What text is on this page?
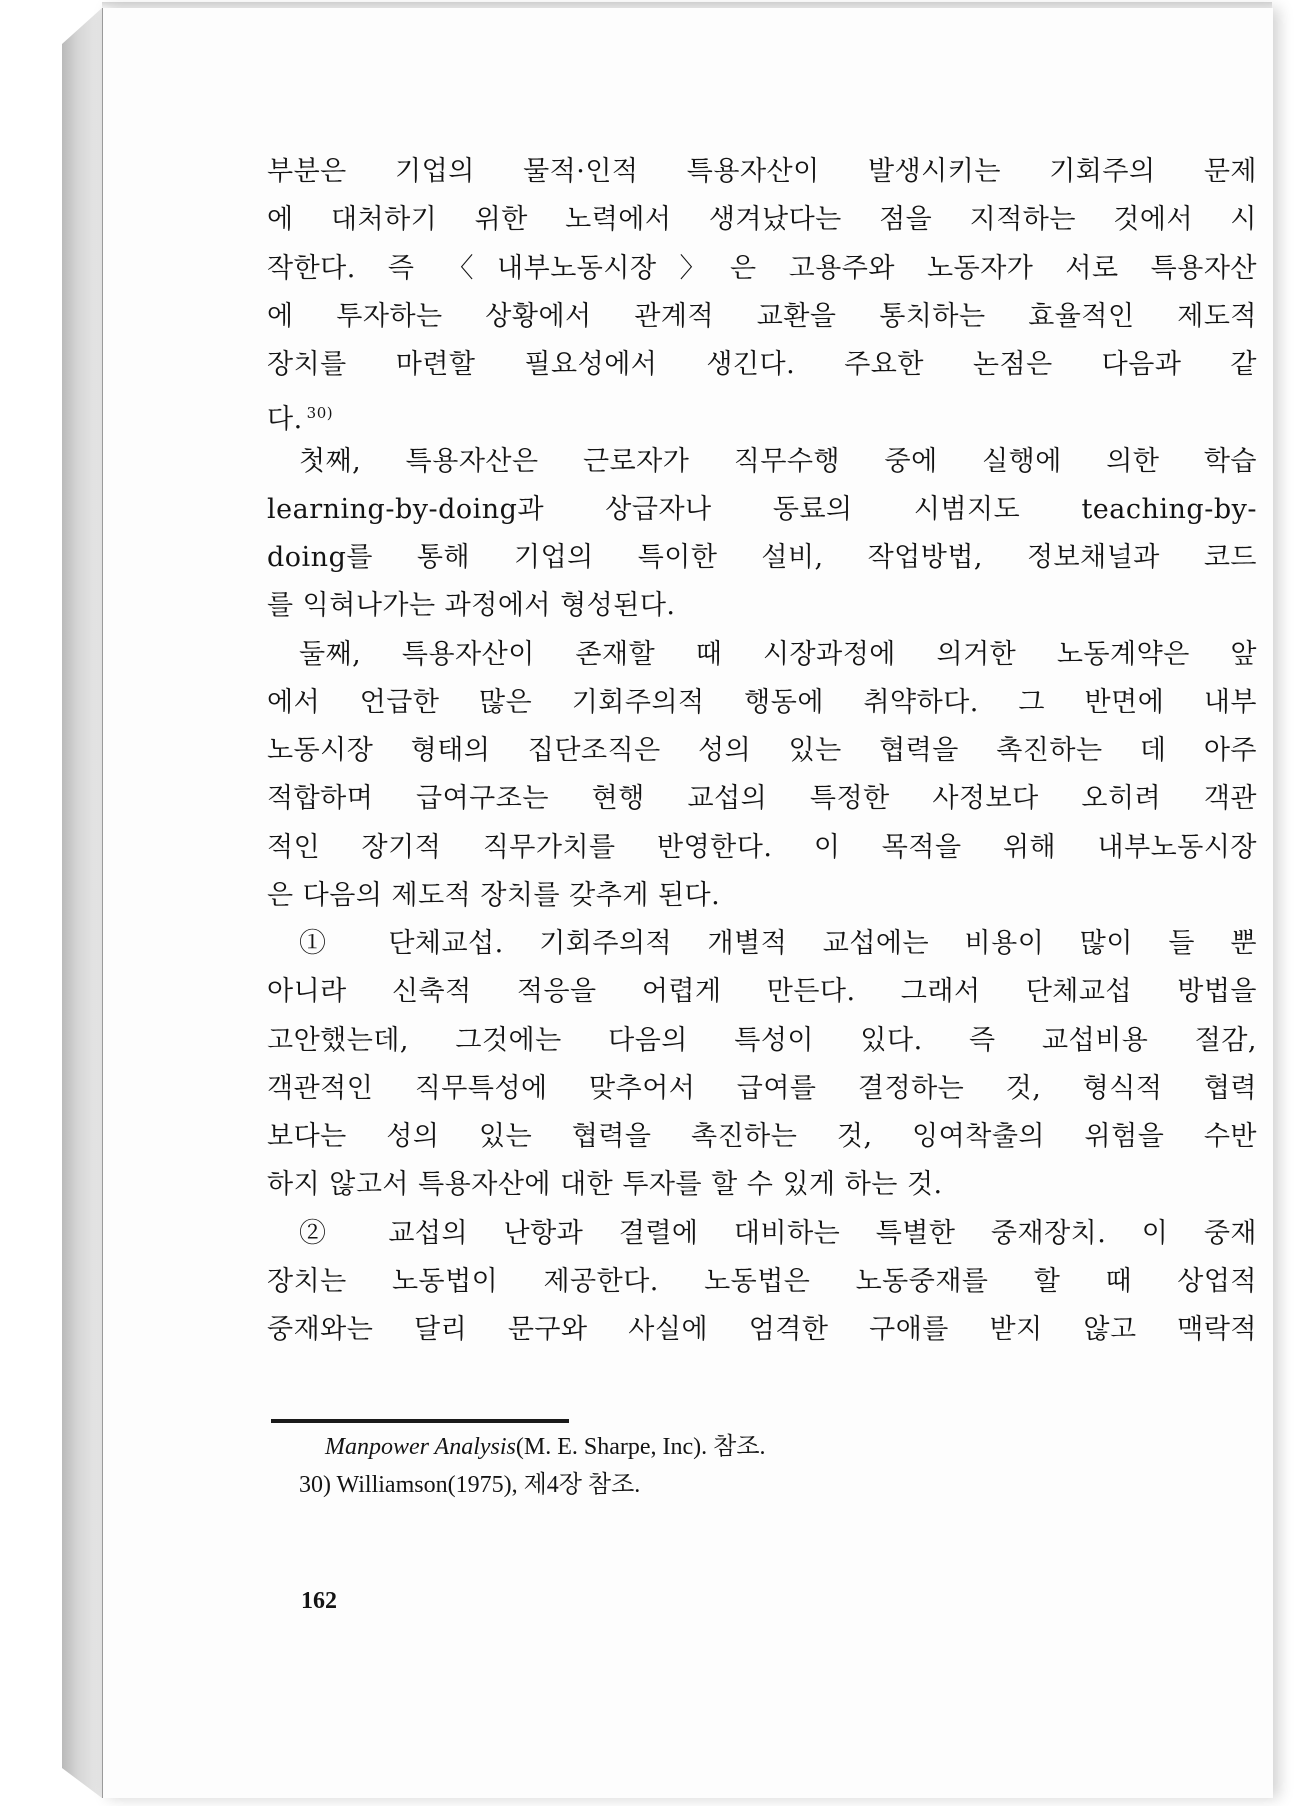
부분은 기업의 물적·인적 특용자산이 발생시키는 기회주의 문제
에 대처하기 위한 노력에서 생겨났다는 점을 지적하는 것에서 시
작한다. 즉 〈내부노동시장〉은 고용주와 노동자가 서로 특용자산
에 투자하는 상황에서 관계적 교환을 통치하는 효율적인 제도적
장치를 마련할 필요성에서 생긴다. 주요한 논점은 다음과 같
다. $^{30)}$
첫째, 특용자산은 근로자가 직무수행 중에 실행에 의한 학습
learning-by-doing과 상급자나 동료의 시범지도 teaching-by-
doing를 통해 기업의 특이한 설비, 작업방법, 정보채널과 코드
를 익혀나가는 과정에서 형성된다.
둘째, 특용자산이 존재할 때 시장과정에 의거한 노동계약은 앞
에서 언급한 많은 기회주의적 행동에 취약하다. 그 반면에 내부
노동시장 형태의 집단조직은 성의 있는 협력을 촉진하는 데 아주
적합하며 급여구조는 현행 교섭의 특정한 사정보다 오히려 객관
적인 장기적 직무가치를 반영한다. 이 목적을 위해 내부노동시장
은 다음의 제도적 장치를 갖추게 된다.
① 단체교섭. 기회주의적 개별적 교섭에는 비용이 많이 들 뿐
아니라 신축적 적응을 어렵게 만든다. 그래서 단체교섭 방법을
고안했는데, 그것에는 다음의 특성이 있다. 즉 교섭비용 절감,
객관적인 직무특성에 맞추어서 급여를 결정하는 것, 형식적 협력
보다는 성의 있는 협력을 촉진하는 것, 잉여착출의 위험을 수반
하지 않고서 특용자산에 대한 투자를 할 수 있게 하는 것.
② 교섭의 난항과 결렬에 대비하는 특별한 중재장치. 이 중재
장치는 노동법이 제공한다. 노동법은 노동중재를 할 때 상업적
중재와는 달리 문구와 사실에 엄격한 구애를 받지 않고 맥락적
Manpower Analysis(M. E. Sharpe, Inc). 참조.
30) Williamson(1975), 제4장 참조.
162
